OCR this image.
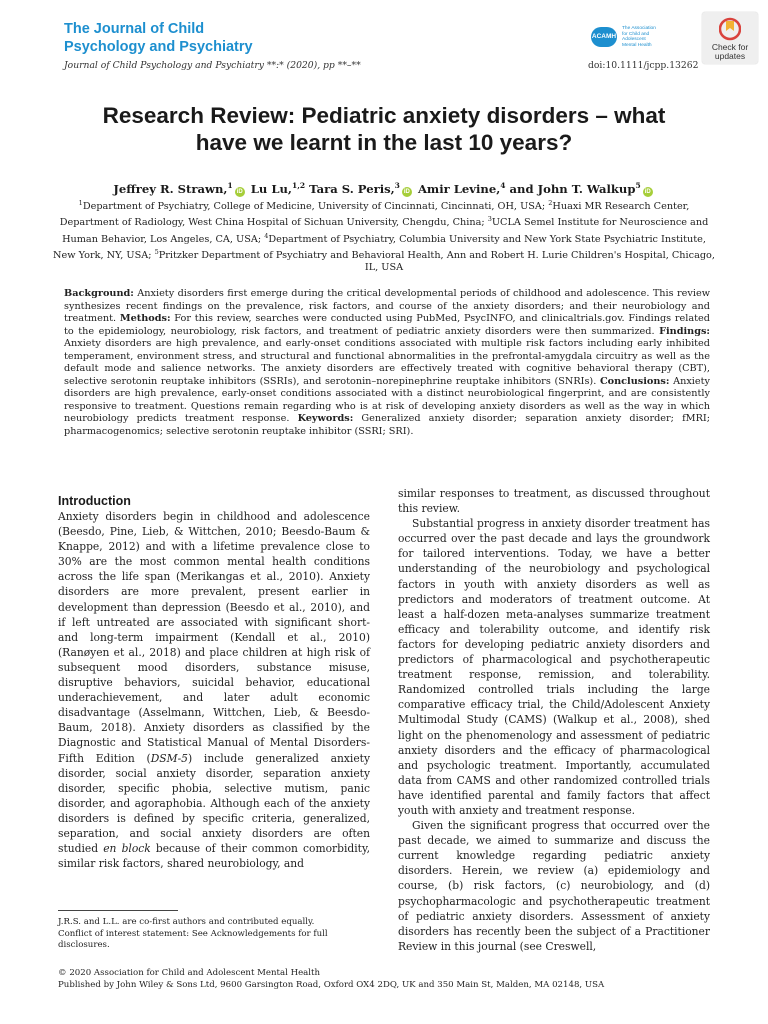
The Journal of Child
Psychology and Psychiatry
ACAMH
The Association
for Child and Adolescent
Mental Health	Check for
updates
Journal of Child Psychology and Psychiatry **:* (2020), pp **–**	doi:10.1111/jcpp.13262
Research Review: Pediatric anxiety disorders – what
have we learnt in the last 10 years?
Jeffrey R. Strawn,$^1$iD Lu Lu,$^{1,2}$ Tara S. Peris,$^3$iD Amir Levine,$^4$ and John T. Walkup$^5$iD
$^1$Department of Psychiatry, College of Medicine, University of Cincinnati, Cincinnati, OH, USA; $^2$Huaxi MR Research Center, Department of Radiology, West China Hospital of Sichuan University, Chengdu, China; $^3$UCLA Semel Institute for Neuroscience and Human Behavior, Los Angeles, CA, USA; $^4$Department of Psychiatry, Columbia University and New York State Psychiatric Institute, New York, NY, USA; $^5$Pritzker Department of Psychiatry and Behavioral Health, Ann and Robert H. Lurie Children's Hospital, Chicago, IL, USA
Background: Anxiety disorders first emerge during the critical developmental periods of childhood and adolescence. This review synthesizes recent findings on the prevalence, risk factors, and course of the anxiety disorders; and their neurobiology and treatment. Methods: For this review, searches were conducted using PubMed, PsycINFO, and clinicaltrials.gov. Findings related to the epidemiology, neurobiology, risk factors, and treatment of pediatric anxiety disorders were then summarized. Findings: Anxiety disorders are high prevalence, and early-onset conditions associated with multiple risk factors including early inhibited temperament, environment stress, and structural and functional abnormalities in the prefrontal-amygdala circuitry as well as the default mode and salience networks. The anxiety disorders are effectively treated with cognitive behavioral therapy (CBT), selective serotonin reuptake inhibitors (SSRIs), and serotonin–norepinephrine reuptake inhibitors (SNRIs). Conclusions: Anxiety disorders are high prevalence, early-onset conditions associated with a distinct neurobiological fingerprint, and are consistently responsive to treatment. Questions remain regarding who is at risk of developing anxiety disorders as well as the way in which neurobiology predicts treatment response. Keywords: Generalized anxiety disorder; separation anxiety disorder; fMRI; pharmacogenomics; selective serotonin reuptake inhibitor (SSRI; SRI).
Introduction

Anxiety disorders begin in childhood and adolescence (Beesdo, Pine, Lieb, & Wittchen, 2010; Beesdo-Baum & Knappe, 2012) and with a lifetime prevalence close to 30% are the most common mental health conditions across the life span (Merikangas et al., 2010). Anxiety disorders are more prevalent, present earlier in development than depression (Beesdo et al., 2010), and if left untreated are associated with significant short- and long-term impairment (Kendall et al., 2010) (Ranøyen et al., 2018) and place children at high risk of subsequent mood disorders, substance misuse, disruptive behaviors, suicidal behavior, educational underachievement, and later adult economic disadvantage (Asselmann, Wittchen, Lieb, & Beesdo-Baum, 2018). Anxiety disorders as classified by the Diagnostic and Statistical Manual of Mental Disorders-Fifth Edition (DSM-5) include generalized anxiety disorder, social anxiety disorder, separation anxiety disorder, specific phobia, selective mutism, panic disorder, and agoraphobia. Although each of the anxiety disorders is defined by specific criteria, generalized, separation, and social anxiety disorders are often studied en block because of their common comorbidity, similar risk factors, shared neurobiology, and

similar responses to treatment, as discussed throughout this review.

Substantial progress in anxiety disorder treatment has occurred over the past decade and lays the groundwork for tailored interventions. Today, we have a better understanding of the neurobiology and psychological factors in youth with anxiety disorders as well as predictors and moderators of treatment outcome. At least a half-dozen meta-analyses summarize treatment efficacy and tolerability outcome, and identify risk factors for developing pediatric anxiety disorders and predictors of pharmacological and psychotherapeutic treatment response, remission, and tolerability. Randomized controlled trials including the large comparative efficacy trial, the Child/Adolescent Anxiety Multimodal Study (CAMS) (Walkup et al., 2008), shed light on the phenomenology and assessment of pediatric anxiety disorders and the efficacy of pharmacological and psychologic treatment. Importantly, accumulated data from CAMS and other randomized controlled trials have identified parental and family factors that affect youth with anxiety and treatment response.

Given the significant progress that occurred over the past decade, we aimed to summarize and discuss the current knowledge regarding pediatric anxiety disorders. Herein, we review (a) epidemiology and course, (b) risk factors, (c) neurobiology, and (d) psychopharmacologic and psychotherapeutic treatment of pediatric anxiety disorders. Assessment of anxiety disorders has recently been the subject of a Practitioner Review in this journal (see Creswell,

J.R.S. and L.L. are co-first authors and contributed equally.

Conflict of interest statement: See Acknowledgements for full disclosures.

© 2020 Association for Child and Adolescent Mental Health

Published by John Wiley & Sons Ltd, 9600 Garsington Road, Oxford OX4 2DQ, UK and 350 Main St, Malden, MA 02148, USA
